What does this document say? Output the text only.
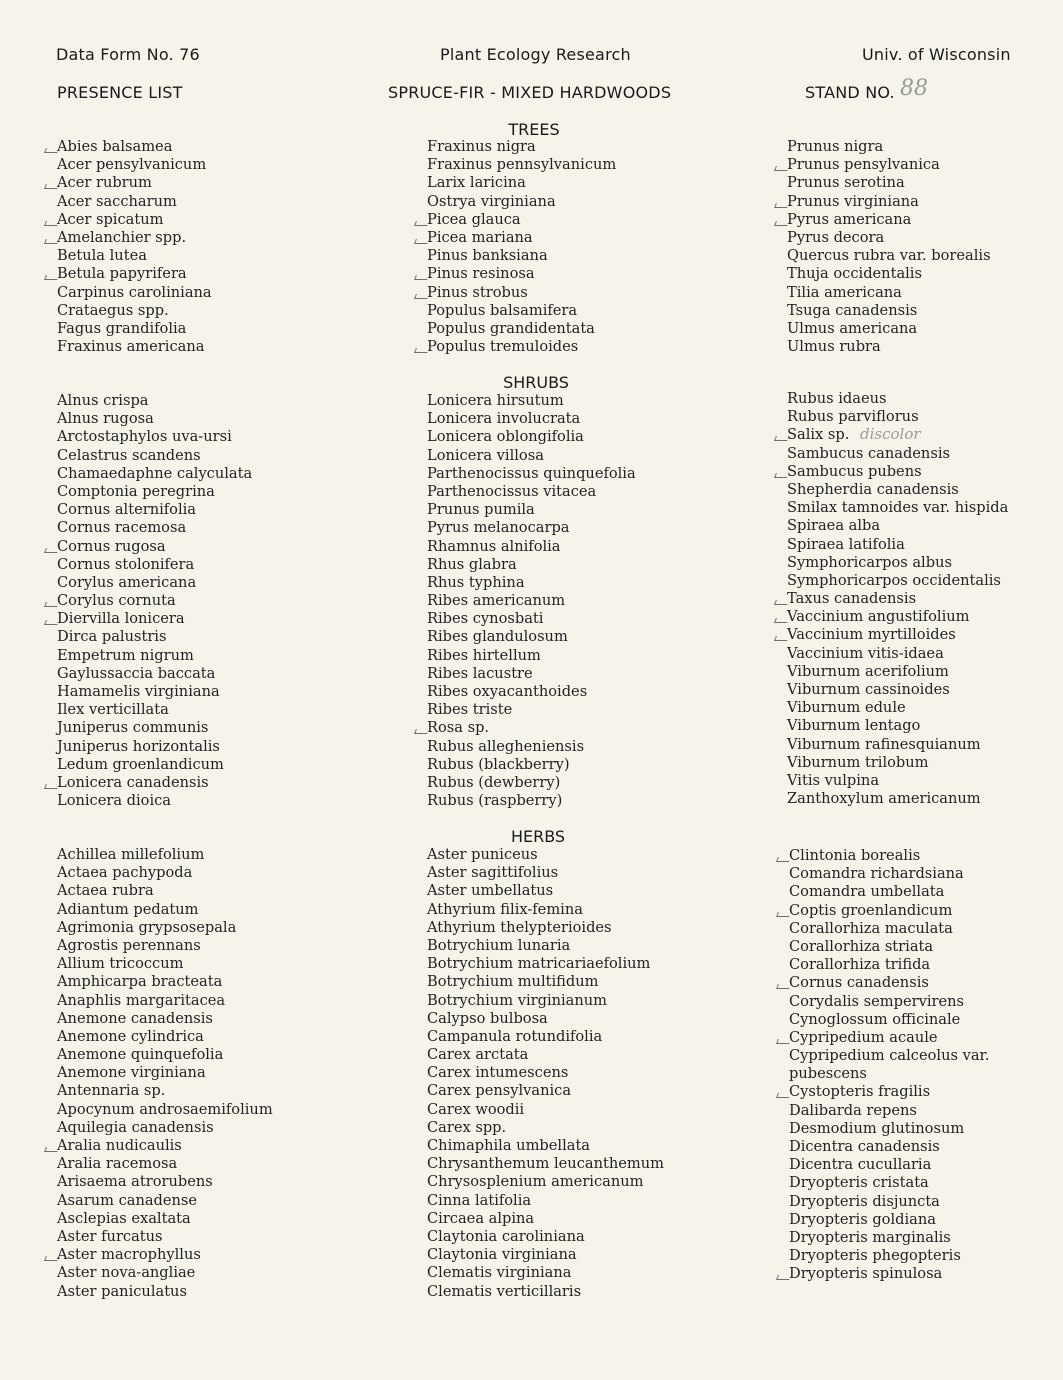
Data Form No. 76	Plant Ecology Research	Univ. of Wisconsin
PRESENCE LIST	SPRUCE-FIR - MIXED HARDWOODS	STAND NO. 88
TREES
Abies balsamea
Acer pensylvanicum
Acer rubrum
Acer saccharum
Acer spicatum
Amelanchier spp.
Betula lutea
Betula papyrifera
Carpinus caroliniana
Crataegus spp.
Fagus grandifolia
Fraxinus americana
Fraxinus nigra
Fraxinus pennsylvanicum
Larix laricina
Ostrya virginiana
Picea glauca
Picea mariana
Pinus banksiana
Pinus resinosa
Pinus strobus
Populus balsamifera
Populus grandidentata
Populus tremuloides
Prunus nigra
Prunus pensylvanica
Prunus serotina
Prunus virginiana
Pyrus americana
Pyrus decora
Quercus rubra var. borealis
Thuja occidentalis
Tilia americana
Tsuga canadensis
Ulmus americana
Ulmus rubra
SHRUBS
Alnus crispa
Alnus rugosa
Arctostaphylos uva-ursi
Celastrus scandens
Chamaedaphne calyculata
Comptonia peregrina
Cornus alternifolia
Cornus racemosa
Cornus rugosa
Cornus stolonifera
Corylus americana
Corylus cornuta
Diervilla lonicera
Dirca palustris
Empetrum nigrum
Gaylussaccia baccata
Hamamelis virginiana
Ilex verticillata
Juniperus communis
Juniperus horizontalis
Ledum groenlandicum
Lonicera canadensis
Lonicera dioica
Lonicera hirsutum
Lonicera involucrata
Lonicera oblongifolia
Lonicera villosa
Parthenocissus quinquefolia
Parthenocissus vitacea
Prunus pumila
Pyrus melanocarpa
Rhamnus alnifolia
Rhus glabra
Rhus typhina
Ribes americanum
Ribes cynosbati
Ribes glandulosum
Ribes hirtellum
Ribes lacustre
Ribes oxyacanthoides
Ribes triste
Rosa sp.
Rubus allegheniensis
Rubus (blackberry)
Rubus (dewberry)
Rubus (raspberry)
Rubus idaeus
Rubus parviflorus
Salix sp.
Sambucus canadensis
Sambucus pubens
Shepherdia canadensis
Smilax tamnoides var. hispida
Spiraea alba
Spiraea latifolia
Symphoricarpos albus
Symphoricarpos occidentalis
Taxus canadensis
Vaccinium angustifolium
Vaccinium myrtilloides
Vaccinium vitis-idaea
Viburnum acerifolium
Viburnum cassinoides
Viburnum edule
Viburnum lentago
Viburnum rafinesquianum
Viburnum trilobum
Vitis vulpina
Zanthoxylum americanum
discolor
HERBS
Achillea millefolium
Actaea pachypoda
Actaea rubra
Adiantum pedatum
Agrimonia grypsosepala
Agrostis perennans
Allium tricoccum
Amphicarpa bracteata
Anaphlis margaritacea
Anemone canadensis
Anemone cylindrica
Anemone quinquefolia
Anemone virginiana
Antennaria sp.
Apocynum androsaemifolium
Aquilegia canadensis
Aralia nudicaulis
Aralia racemosa
Arisaema atrorubens
Asarum canadense
Asclepias exaltata
Aster furcatus
Aster macrophyllus
Aster nova-angliae
Aster paniculatus
Aster puniceus
Aster sagittifolius
Aster umbellatus
Athyrium filix-femina
Athyrium thelypterioides
Botrychium lunaria
Botrychium matricariaefolium
Botrychium multifidum
Botrychium virginianum
Calypso bulbosa
Campanula rotundifolia
Carex arctata
Carex intumescens
Carex pensylvanica
Carex woodii
Carex spp.
Chimaphila umbellata
Chrysanthemum leucanthemum
Chrysosplenium americanum
Cinna latifolia
Circaea alpina
Claytonia caroliniana
Claytonia virginiana
Clematis virginiana
Clematis verticillaris
Clintonia borealis
Comandra richardsiana
Comandra umbellata
Coptis groenlandicum
Corallorhiza maculata
Corallorhiza striata
Corallorhiza trifida
Cornus canadensis
Corydalis sempervirens
Cynoglossum officinale
Cypripedium acaule
Cypripedium calceolus var.
pubescens
Cystopteris fragilis
Dalibarda repens
Desmodium glutinosum
Dicentra canadensis
Dicentra cucullaria
Dryopteris cristata
Dryopteris disjuncta
Dryopteris goldiana
Dryopteris marginalis
Dryopteris phegopteris
Dryopteris spinulosa
